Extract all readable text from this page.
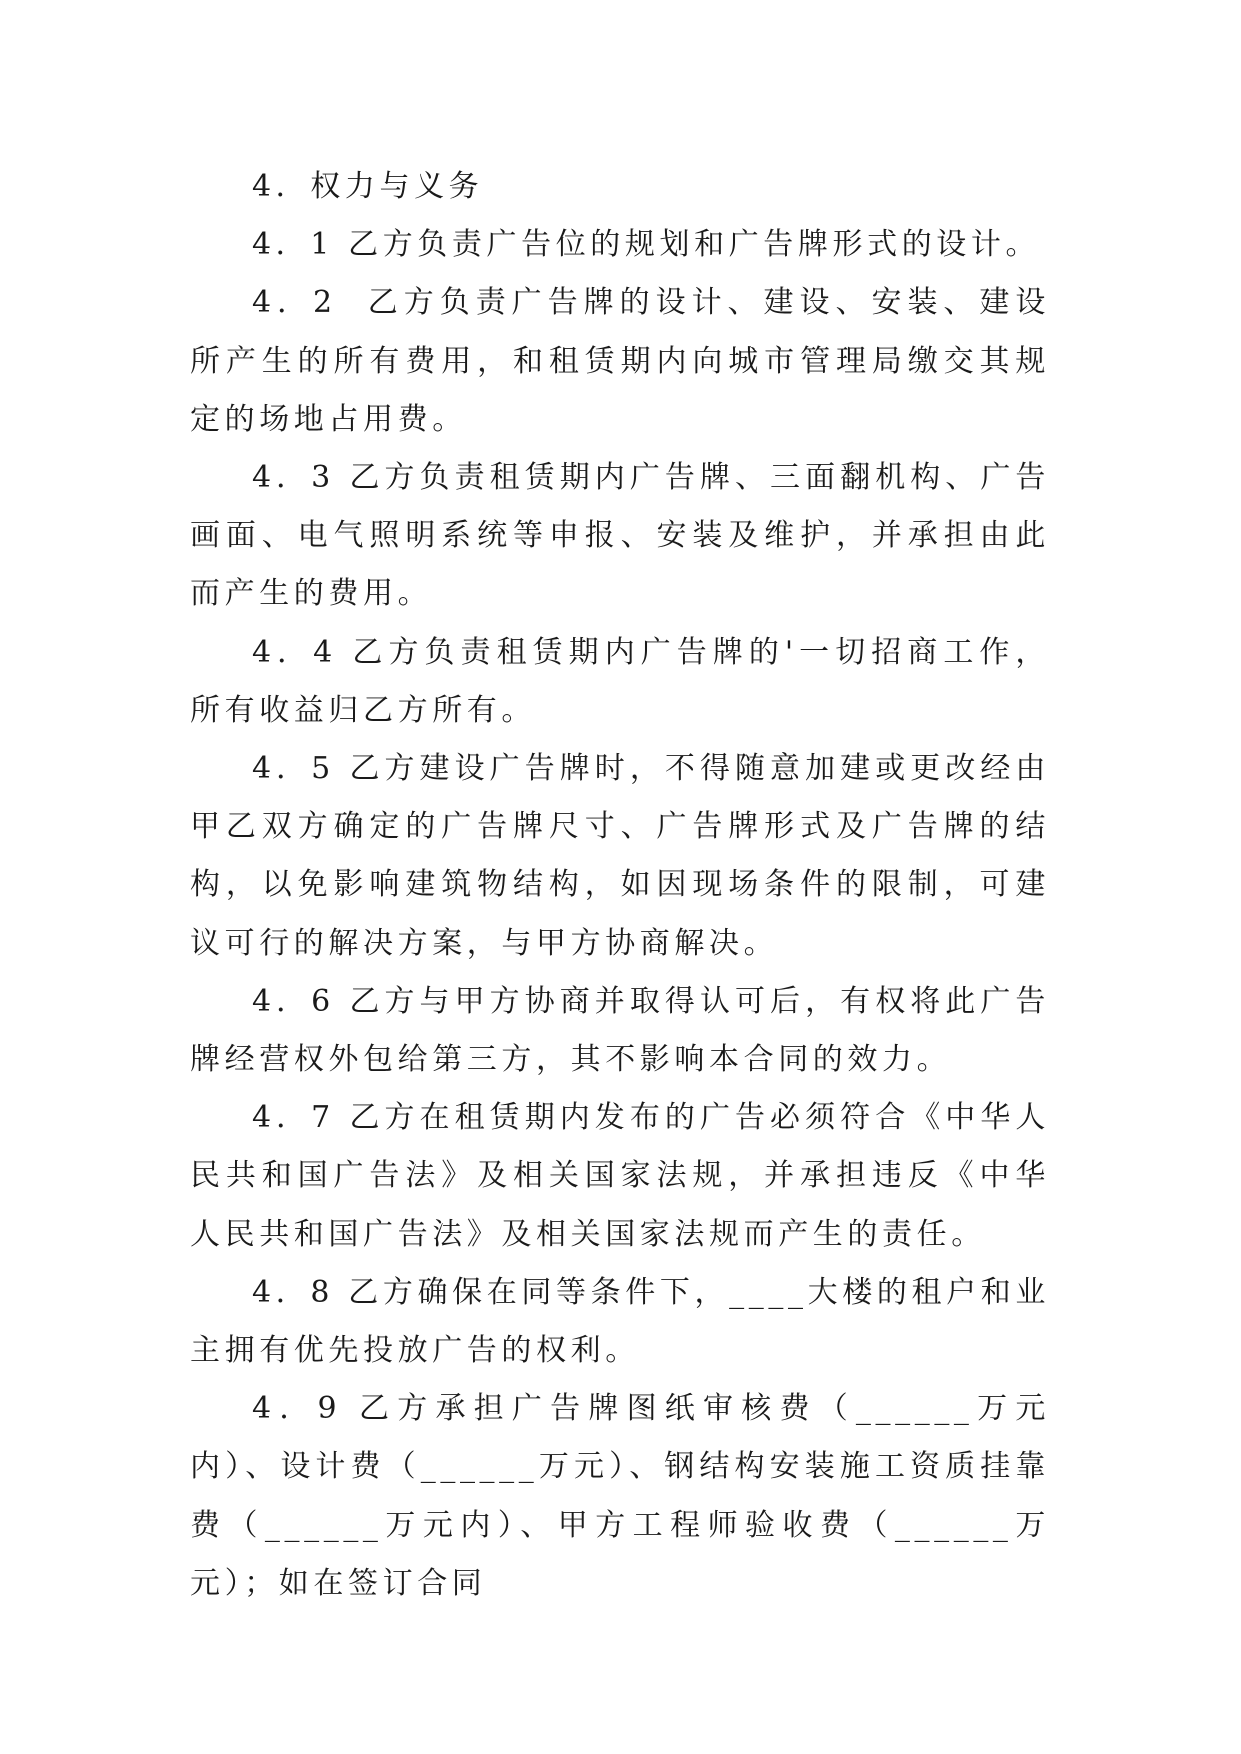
4．权力与义务

4．1 乙方负责广告位的规划和广告牌形式的设计。

4．2  乙方负责广告牌的设计、建设、安装、建设所产生的所有费用，和租赁期内向城市管理局缴交其规定的场地占用费。

4．3 乙方负责租赁期内广告牌、三面翻机构、广告画面、电气照明系统等申报、安装及维护，并承担由此而产生的费用。

4．4 乙方负责租赁期内广告牌的'一切招商工作，所有收益归乙方所有。

4．5 乙方建设广告牌时，不得随意加建或更改经由甲乙双方确定的广告牌尺寸、广告牌形式及广告牌的结构，以免影响建筑物结构，如因现场条件的限制，可建议可行的解决方案，与甲方协商解决。

4．6 乙方与甲方协商并取得认可后，有权将此广告牌经营权外包给第三方，其不影响本合同的效力。

4．7 乙方在租赁期内发布的广告必须符合《中华人民共和国广告法》及相关国家法规，并承担违反《中华人民共和国广告法》及相关国家法规而产生的责任。

4．8 乙方确保在同等条件下，____大楼的租户和业主拥有优先投放广告的权利。

4．9 乙方承担广告牌图纸审核费（______万元内）、设计费（______万元）、钢结构安装施工资质挂靠费（______万元内）、甲方工程师验收费（______万元）；如在签订合同
